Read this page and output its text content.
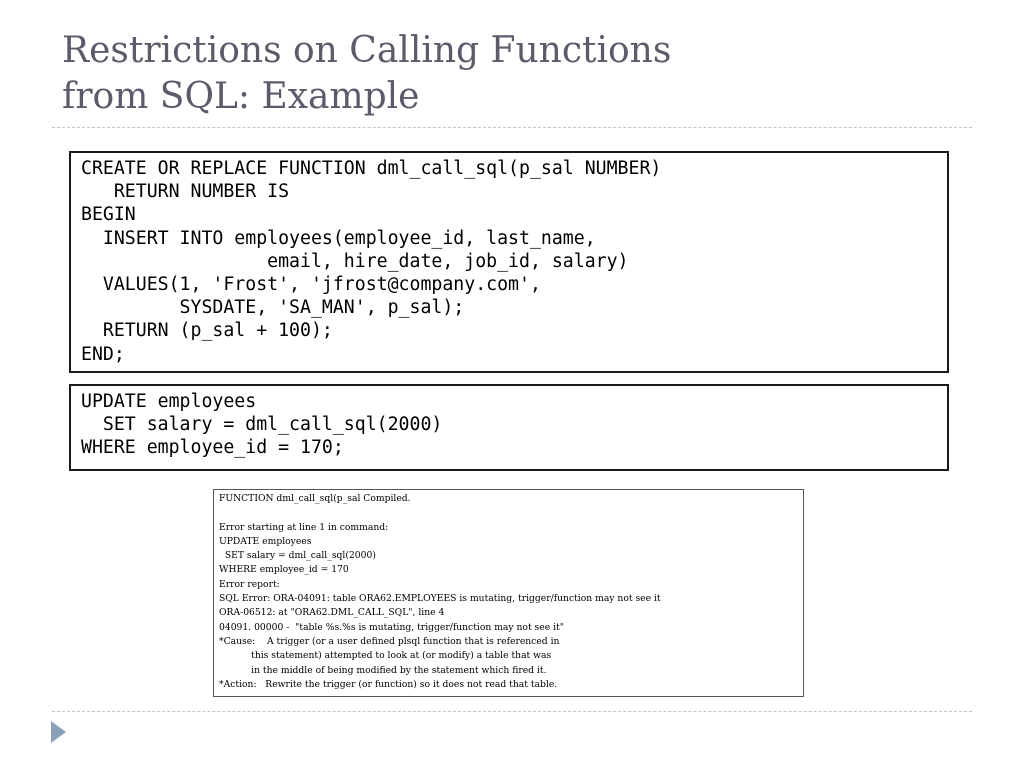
Restrictions on Calling Functions
from SQL: Example
CREATE OR REPLACE FUNCTION dml_call_sql(p_sal NUMBER)
RETURN NUMBER IS
BEGIN
INSERT INTO employees(employee_id, last_name,
email, hire_date, job_id, salary)
VALUES(1, 'Frost', 'jfrost@company.com',
SYSDATE, 'SA_MAN', p_sal);
RETURN (p_sal + 100);
END;
UPDATE employees
SET salary = dml_call_sql(2000)
WHERE employee_id = 170;
FUNCTION dml_call_sql(p_sal Compiled.
Error starting at line 1 in command:
UPDATE employees
SET salary = dml_call_sql(2000)
WHERE employee_id = 170
Error report:
SQL Error: ORA-04091: table ORA62.EMPLOYEES is mutating, trigger/function may not see it
ORA-06512: at "ORA62.DML_CALL_SQL", line 4
04091. 00000 -  "table %s.%s is mutating, trigger/function may not see it"
*Cause:    A trigger (or a user defined plsql function that is referenced in
this statement) attempted to look at (or modify) a table that was
in the middle of being modified by the statement which fired it.
*Action:   Rewrite the trigger (or function) so it does not read that table.
